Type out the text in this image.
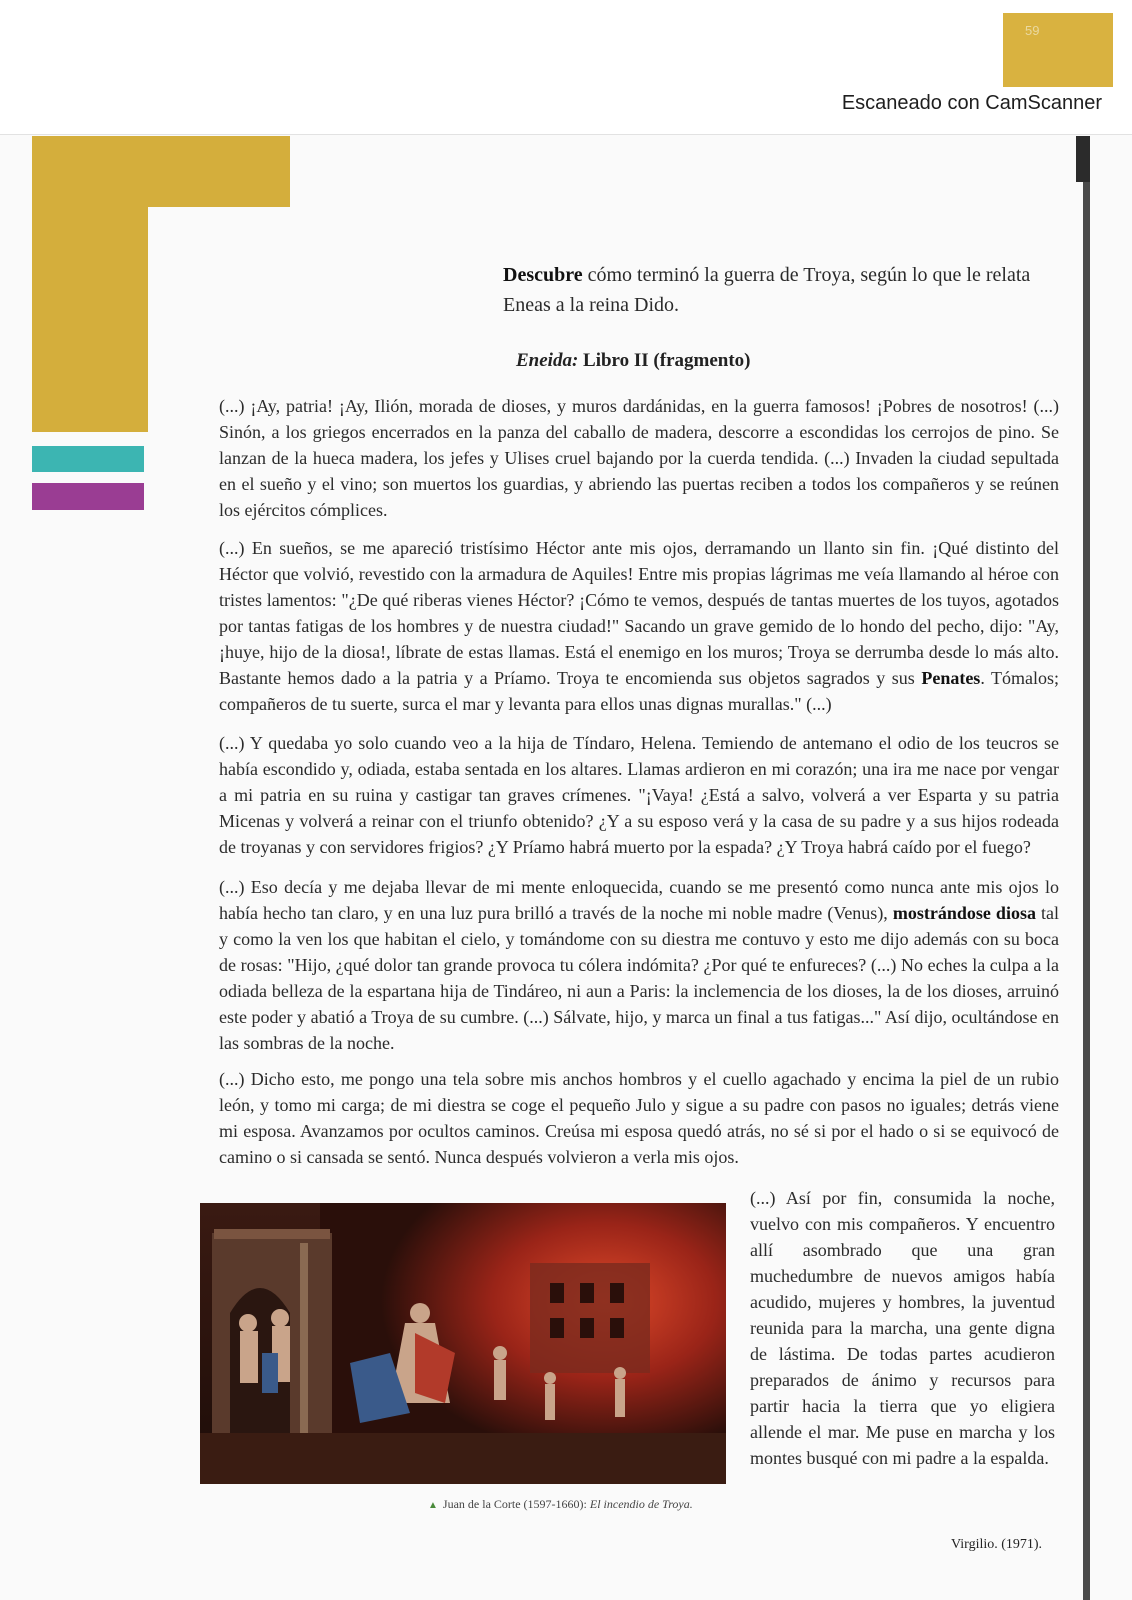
59
Escaneado con CamScanner
Descubre cómo terminó la guerra de Troya, según lo que le relata Eneas a la reina Dido.
Eneida: Libro II (fragmento)
(...) ¡Ay, patria! ¡Ay, Ilión, morada de dioses, y muros dardánidas, en la guerra famosos! ¡Pobres de nosotros! (...) Sinón, a los griegos encerrados en la panza del caballo de madera, descorre a escondidas los cerrojos de pino. Se lanzan de la hueca madera, los jefes y Ulises cruel bajando por la cuerda tendida. (...) Invaden la ciudad sepultada en el sueño y el vino; son muertos los guardias, y abriendo las puertas reciben a todos los compañeros y se reúnen los ejércitos cómplices.
(...) En sueños, se me apareció tristísimo Héctor ante mis ojos, derramando un llanto sin fin. ¡Qué distinto del Héctor que volvió, revestido con la armadura de Aquiles! Entre mis propias lágrimas me veía llamando al héroe con tristes lamentos: "¿De qué riberas vienes Héctor? ¡Cómo te vemos, después de tantas muertes de los tuyos, agotados por tantas fatigas de los hombres y de nuestra ciudad!" Sacando un grave gemido de lo hondo del pecho, dijo: "Ay, ¡huye, hijo de la diosa!, líbrate de estas llamas. Está el enemigo en los muros; Troya se derrumba desde lo más alto. Bastante hemos dado a la patria y a Príamo. Troya te encomienda sus objetos sagrados y sus Penates. Tómalos; compañeros de tu suerte, surca el mar y levanta para ellos unas dignas murallas." (...)
(...) Y quedaba yo solo cuando veo a la hija de Tíndaro, Helena. Temiendo de antemano el odio de los teucros se había escondido y, odiada, estaba sentada en los altares. Llamas ardieron en mi corazón; una ira me nace por vengar a mi patria en su ruina y castigar tan graves crímenes. "¡Vaya! ¿Está a salvo, volverá a ver Esparta y su patria Micenas y volverá a reinar con el triunfo obtenido? ¿Y a su esposo verá y la casa de su padre y a sus hijos rodeada de troyanas y con servidores frigios? ¿Y Príamo habrá muerto por la espada? ¿Y Troya habrá caído por el fuego?
(...) Eso decía y me dejaba llevar de mi mente enloquecida, cuando se me presentó como nunca ante mis ojos lo había hecho tan claro, y en una luz pura brilló a través de la noche mi noble madre (Venus), mostrándose diosa tal y como la ven los que habitan el cielo, y tomándome con su diestra me contuvo y esto me dijo además con su boca de rosas: "Hijo, ¿qué dolor tan grande provoca tu cólera indómita? ¿Por qué te enfureces? (...) No eches la culpa a la odiada belleza de la espartana hija de Tindáreo, ni aun a Paris: la inclemencia de los dioses, la de los dioses, arruinó este poder y abatió a Troya de su cumbre. (...) Sálvate, hijo, y marca un final a tus fatigas..." Así dijo, ocultándose en las sombras de la noche.
(...) Dicho esto, me pongo una tela sobre mis anchos hombros y el cuello agachado y encima la piel de un rubio león, y tomo mi carga; de mi diestra se coge el pequeño Julo y sigue a su padre con pasos no iguales; detrás viene mi esposa. Avanzamos por ocultos caminos. Creúsa mi esposa quedó atrás, no sé si por el hado o si se equivocó de camino o si cansada se sentó. Nunca después volvieron a verla mis ojos.
(...) Así por fin, consumida la noche, vuelvo con mis compañeros. Y encuentro allí asombrado que una gran muchedumbre de nuevos amigos había acudido, mujeres y hombres, la juventud reunida para la marcha, una gente digna de lástima. De todas partes acudieron preparados de ánimo y recursos para partir hacia la tierra que yo eligiera allende el mar. Me puse en marcha y los montes busqué con mi padre a la espalda.
▲ Juan de la Corte (1597-1660): El incendio de Troya.
Virgilio. (1971).
